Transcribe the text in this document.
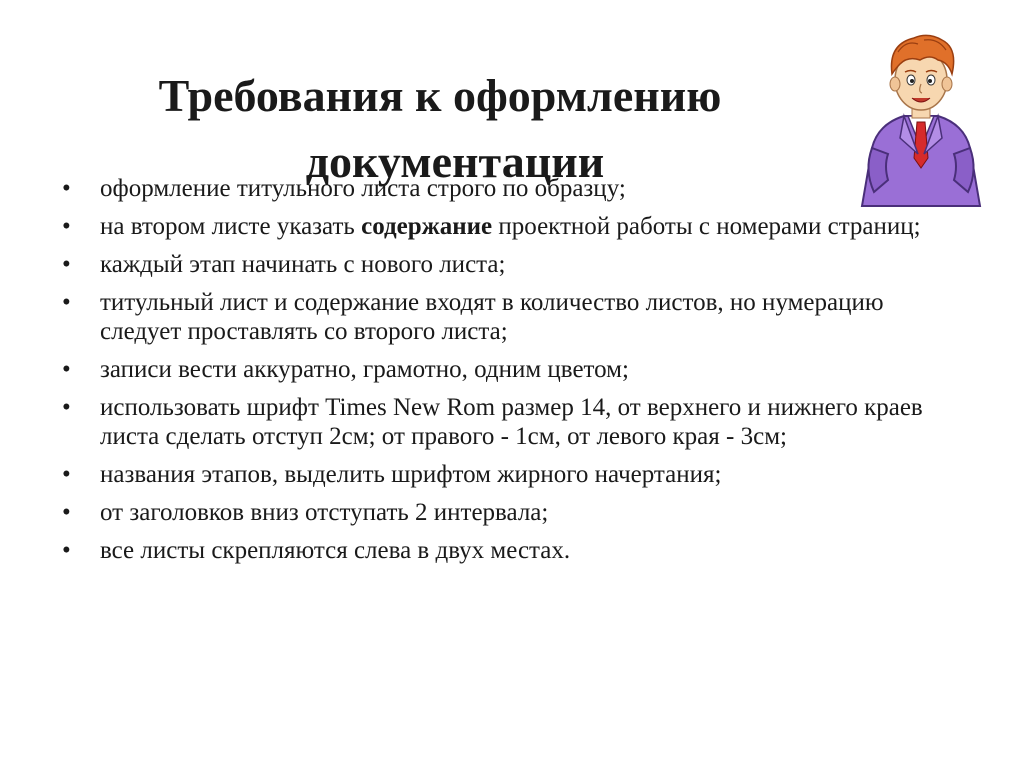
Требования к оформлению
документации
• оформление титульного листа строго по образцу;
• на втором листе указать содержание проектной работы с номерами страниц;
• каждый этап начинать с нового листа;
• титульный лист и содержание входят в количество листов, но нумерацию следует проставлять со второго листа;
• записи вести аккуратно, грамотно, одним цветом;
• использовать шрифт Times New Rom размер 14, от верхнего и нижнего краев листа сделать отступ 2см; от правого - 1см, от левого края - 3см;
• названия этапов, выделить шрифтом жирного начертания;
• от заголовков вниз отступать 2 интервала;
• все листы скрепляются слева в двух местах.
